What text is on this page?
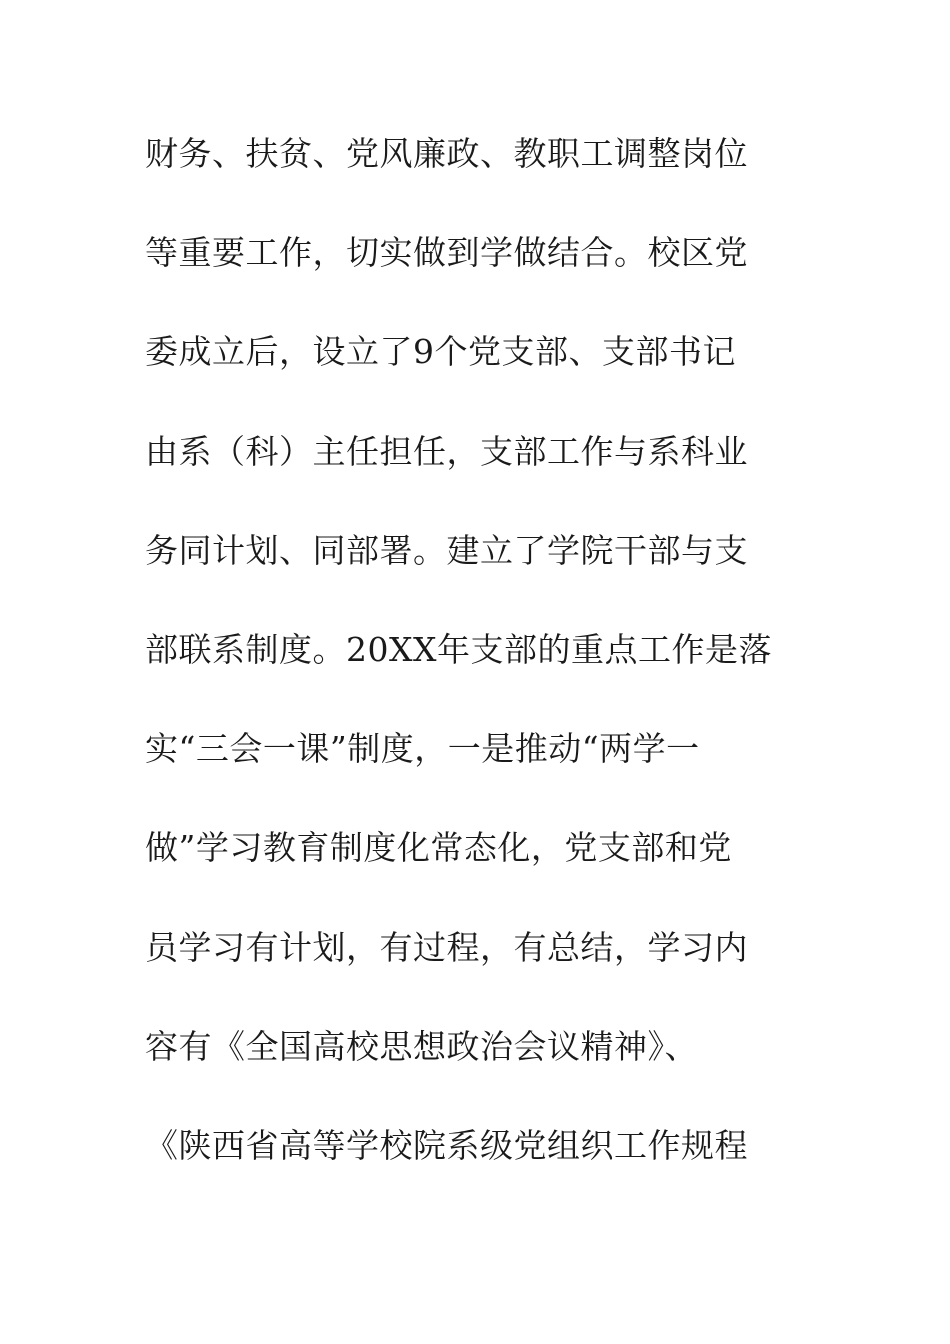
财务、扶贫、党风廉政、教职工调整岗位
等重要工作，切实做到学做结合。校区党
委成立后，设立了9个党支部、支部书记
由系（科）主任担任，支部工作与系科业
务同计划、同部署。建立了学院干部与支
部联系制度。20XX年支部的重点工作是落
实“三会一课”制度，一是推动“两学一
做”学习教育制度化常态化，党支部和党
员学习有计划，有过程，有总结，学习内
容有《全国高校思想政治会议精神》、
《陕西省高等学校院系级党组织工作规程
